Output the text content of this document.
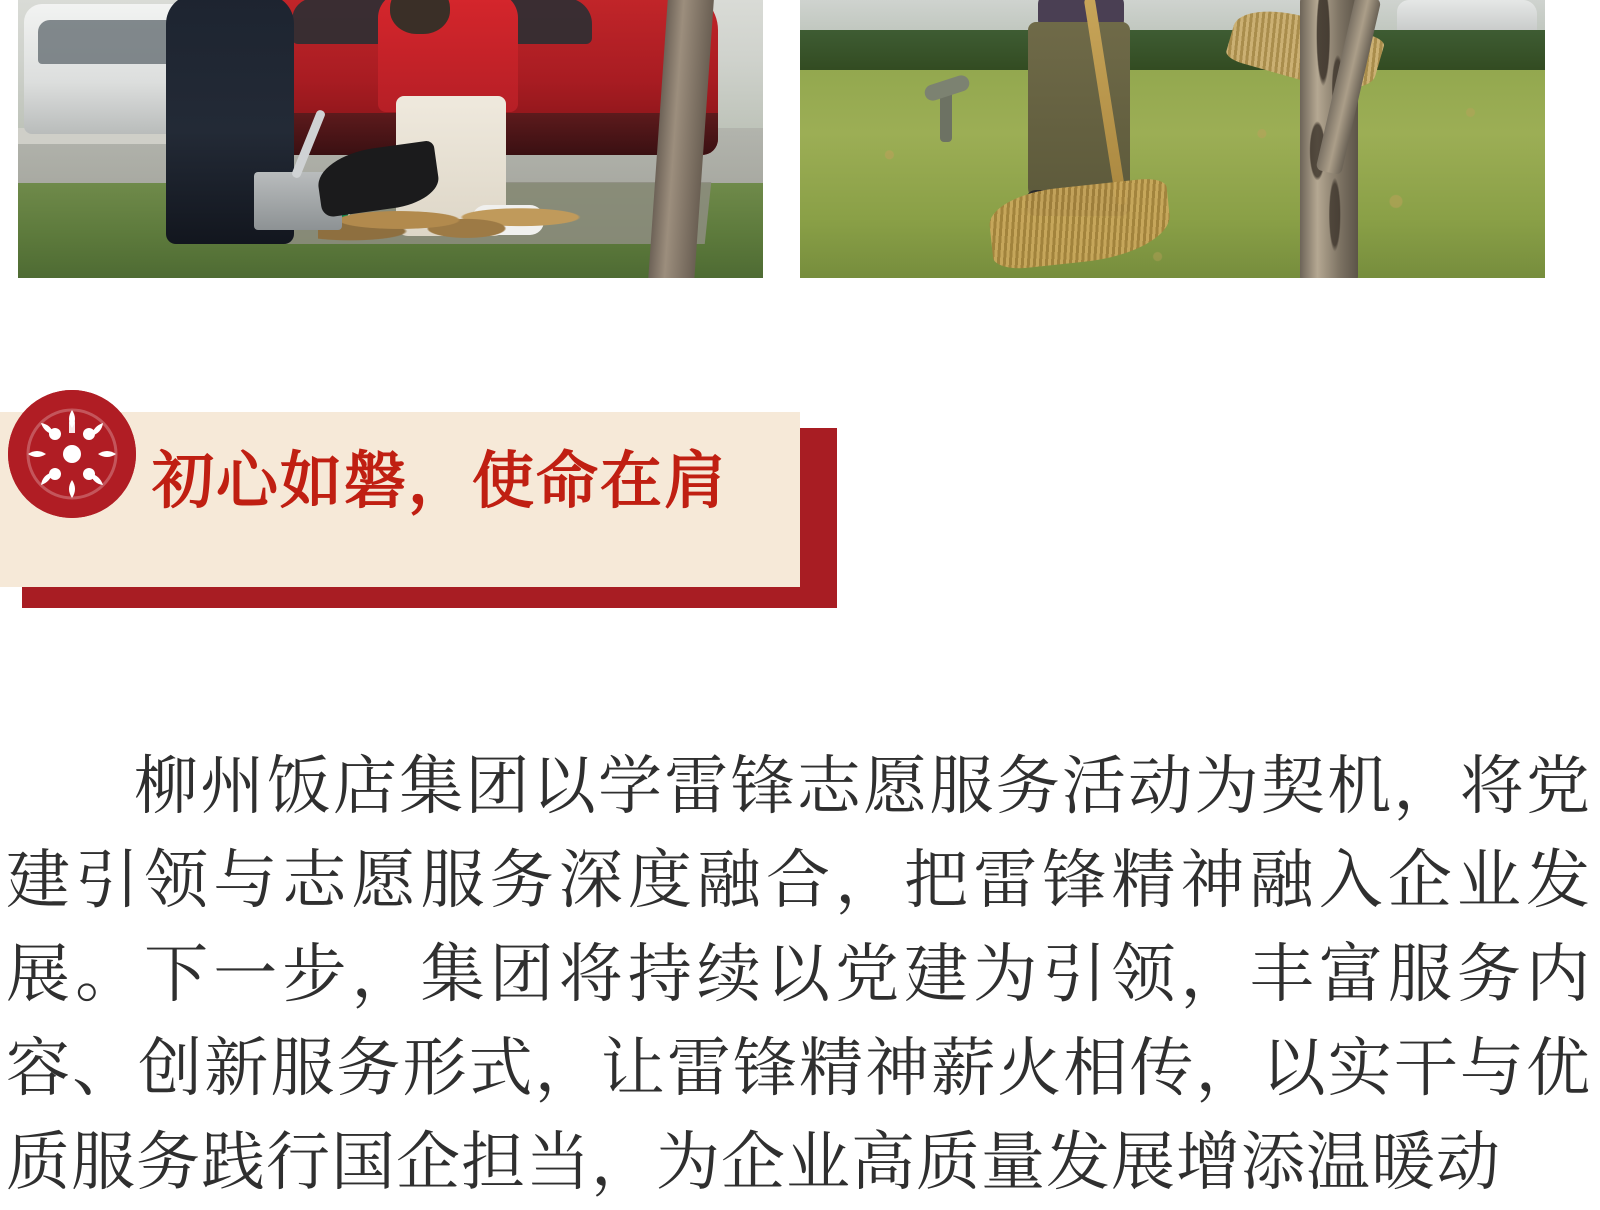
初心如磐，使命在肩

柳州饭店集团以学雷锋志愿服务活动为契机，将党建引领与志愿服务深度融合，把雷锋精神融入企业发展。下一步，集团将持续以党建为引领，丰富服务内容、创新服务形式，让雷锋精神薪火相传，以实干与优质服务践行国企担当，为企业高质量发展增添温暖动
